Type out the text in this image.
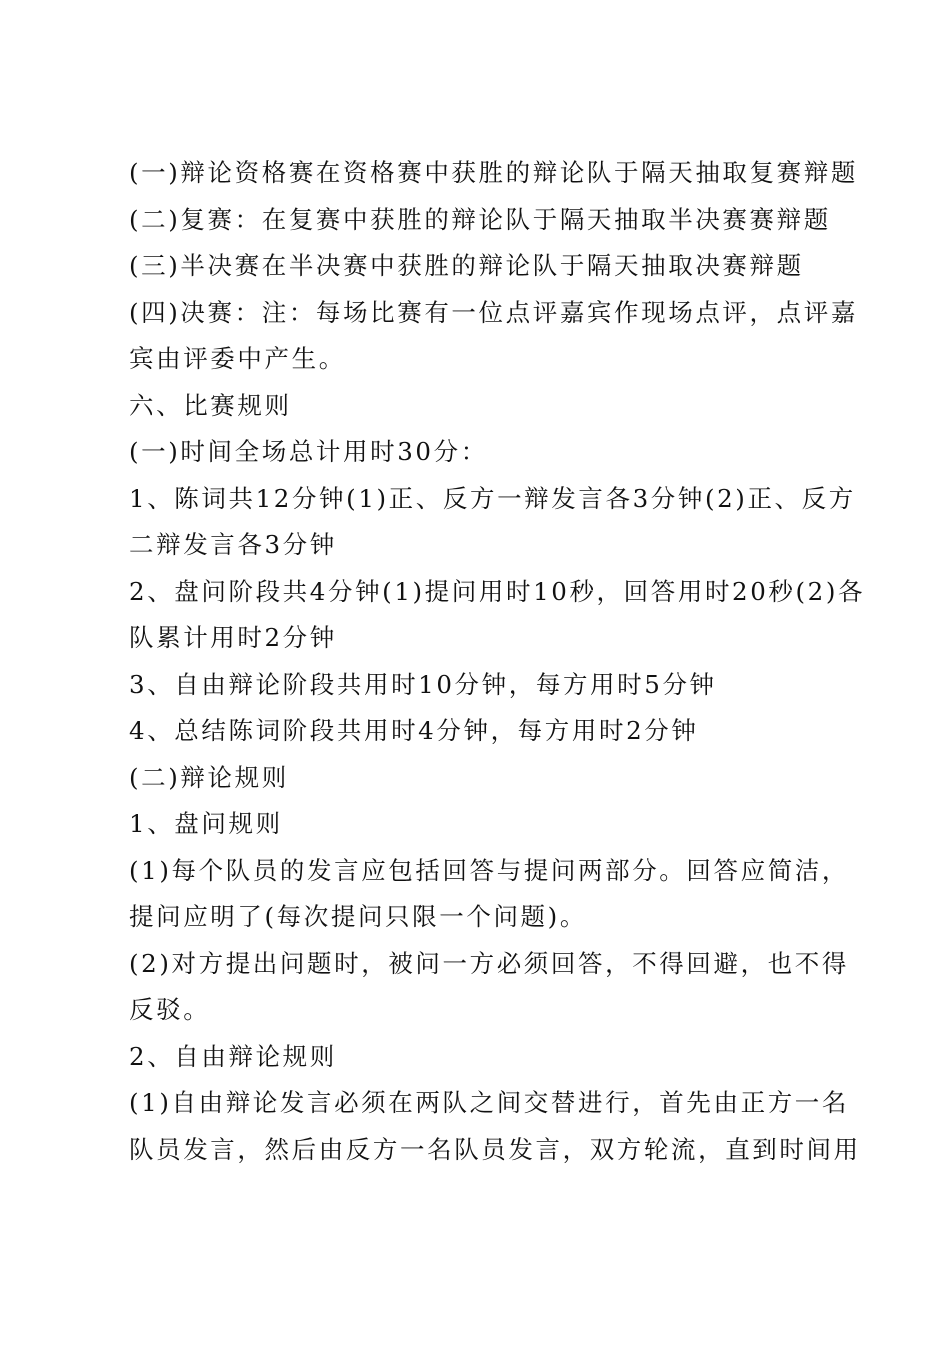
(一)辩论资格赛在资格赛中获胜的辩论队于隔天抽取复赛辩题
(二)复赛：在复赛中获胜的辩论队于隔天抽取半决赛赛辩题
(三)半决赛在半决赛中获胜的辩论队于隔天抽取决赛辩题
(四)决赛：注：每场比赛有一位点评嘉宾作现场点评，点评嘉
宾由评委中产生。
六、比赛规则
(一)时间全场总计用时30分：
1、陈词共12分钟(1)正、反方一辩发言各3分钟(2)正、反方
二辩发言各3分钟
2、盘问阶段共4分钟(1)提问用时10秒，回答用时20秒(2)各
队累计用时2分钟
3、自由辩论阶段共用时10分钟，每方用时5分钟
4、总结陈词阶段共用时4分钟，每方用时2分钟
(二)辩论规则
1、盘问规则
(1)每个队员的发言应包括回答与提问两部分。回答应简洁，
提问应明了(每次提问只限一个问题)。
(2)对方提出问题时，被问一方必须回答，不得回避，也不得
反驳。
2、自由辩论规则
(1)自由辩论发言必须在两队之间交替进行，首先由正方一名
队员发言，然后由反方一名队员发言，双方轮流，直到时间用
